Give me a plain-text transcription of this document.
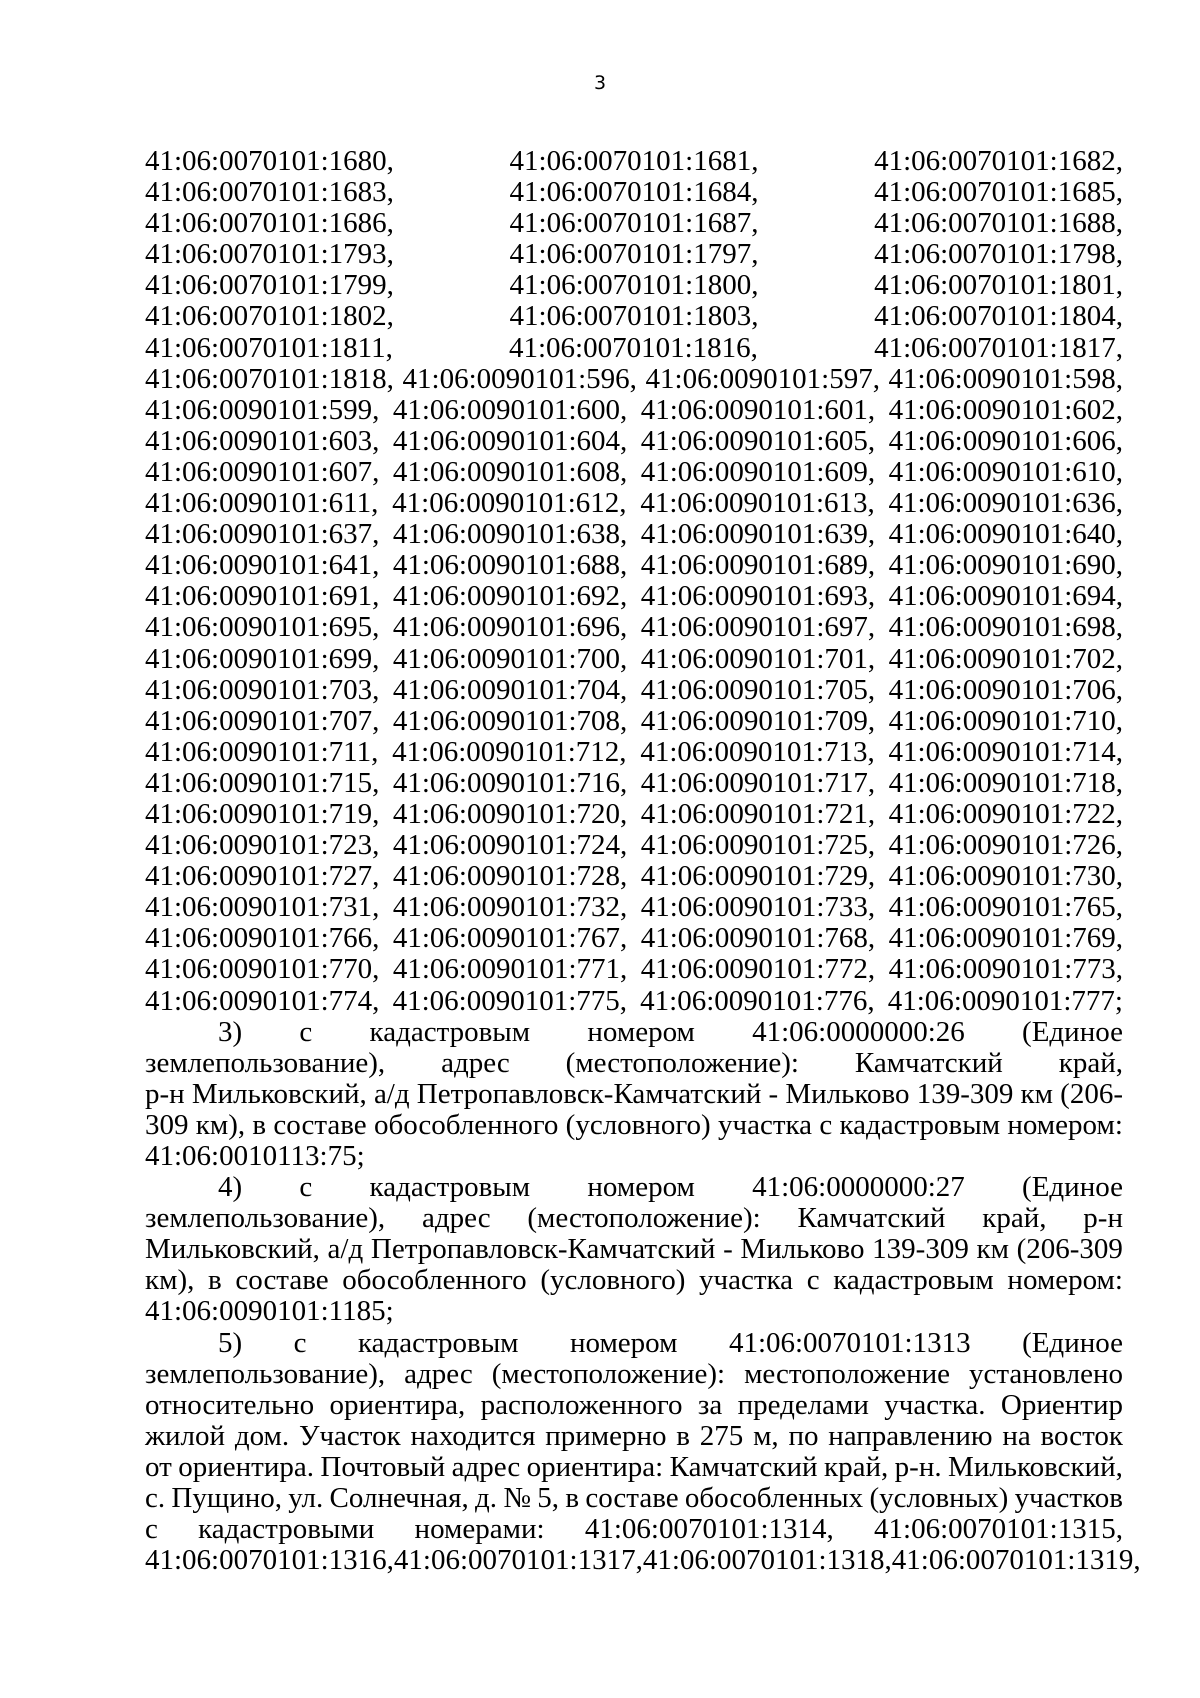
3
41:06:0070101:1680,	41:06:0070101:1681,	41:06:0070101:1682,
41:06:0070101:1683,	41:06:0070101:1684,	41:06:0070101:1685,
41:06:0070101:1686,	41:06:0070101:1687,	41:06:0070101:1688,
41:06:0070101:1793,	41:06:0070101:1797,	41:06:0070101:1798,
41:06:0070101:1799,	41:06:0070101:1800,	41:06:0070101:1801,
41:06:0070101:1802,	41:06:0070101:1803,	41:06:0070101:1804,
41:06:0070101:1811,	41:06:0070101:1816,	41:06:0070101:1817,
41:06:0070101:1818, 41:06:0090101:596, 41:06:0090101:597, 41:06:0090101:598,
41:06:0090101:599, 41:06:0090101:600, 41:06:0090101:601, 41:06:0090101:602,
41:06:0090101:603, 41:06:0090101:604, 41:06:0090101:605, 41:06:0090101:606,
41:06:0090101:607, 41:06:0090101:608, 41:06:0090101:609, 41:06:0090101:610,
41:06:0090101:611, 41:06:0090101:612, 41:06:0090101:613, 41:06:0090101:636,
41:06:0090101:637, 41:06:0090101:638, 41:06:0090101:639, 41:06:0090101:640,
41:06:0090101:641, 41:06:0090101:688, 41:06:0090101:689, 41:06:0090101:690,
41:06:0090101:691, 41:06:0090101:692, 41:06:0090101:693, 41:06:0090101:694,
41:06:0090101:695, 41:06:0090101:696, 41:06:0090101:697, 41:06:0090101:698,
41:06:0090101:699, 41:06:0090101:700, 41:06:0090101:701, 41:06:0090101:702,
41:06:0090101:703, 41:06:0090101:704, 41:06:0090101:705, 41:06:0090101:706,
41:06:0090101:707, 41:06:0090101:708, 41:06:0090101:709, 41:06:0090101:710,
41:06:0090101:711, 41:06:0090101:712, 41:06:0090101:713, 41:06:0090101:714,
41:06:0090101:715, 41:06:0090101:716, 41:06:0090101:717, 41:06:0090101:718,
41:06:0090101:719, 41:06:0090101:720, 41:06:0090101:721, 41:06:0090101:722,
41:06:0090101:723, 41:06:0090101:724, 41:06:0090101:725, 41:06:0090101:726,
41:06:0090101:727, 41:06:0090101:728, 41:06:0090101:729, 41:06:0090101:730,
41:06:0090101:731, 41:06:0090101:732, 41:06:0090101:733, 41:06:0090101:765,
41:06:0090101:766, 41:06:0090101:767, 41:06:0090101:768, 41:06:0090101:769,
41:06:0090101:770, 41:06:0090101:771, 41:06:0090101:772, 41:06:0090101:773,
41:06:0090101:774, 41:06:0090101:775, 41:06:0090101:776, 41:06:0090101:777;
3) с кадастровым номером 41:06:0000000:26 (Единое
землепользование), адрес (местоположение): Камчатский край,
р-н Мильковский, а/д Петропавловск-Камчатский - Мильково 139-309 км (206-
309 км), в составе обособленного (условного) участка с кадастровым номером:
41:06:0010113:75;
4) с кадастровым номером 41:06:0000000:27 (Единое
землепользование), адрес (местоположение): Камчатский край, р-н
Мильковский, а/д Петропавловск-Камчатский - Мильково 139-309 км (206-309
км), в составе обособленного (условного) участка с кадастровым номером:
41:06:0090101:1185;
5) с кадастровым номером 41:06:0070101:1313 (Единое
землепользование), адрес (местоположение): местоположение установлено
относительно ориентира, расположенного за пределами участка. Ориентир
жилой дом. Участок находится примерно в 275 м, по направлению на восток
от ориентира. Почтовый адрес ориентира: Камчатский край, р-н. Мильковский,
с. Пущино, ул. Солнечная, д. № 5, в составе обособленных (условных) участков
с кадастровыми номерами: 41:06:0070101:1314, 41:06:0070101:1315,
41:06:0070101:1316, 41:06:0070101:1317, 41:06:0070101:1318, 41:06:0070101:1319,
